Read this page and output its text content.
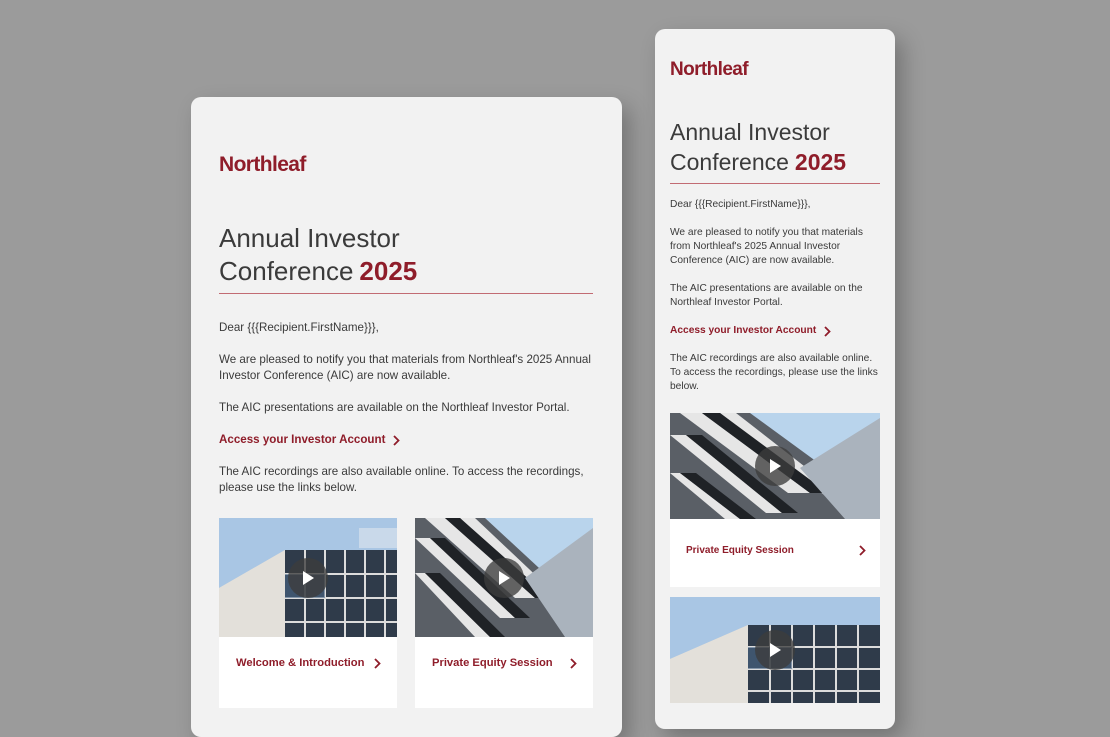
Northleaf
Annual Investor
Conference 2025

Dear {{{Recipient.FirstName}}},

We are pleased to notify you that materials from Northleaf's 2025 Annual Investor Conference (AIC) are now available.

The AIC presentations are available on the Northleaf Investor Portal.

Access your Investor Account

The AIC recordings are also available online. To access the recordings, please use the links below.

Welcome & Introduction	Private Equity Session
Northleaf
Annual Investor
Conference 2025

Dear {{{Recipient.FirstName}}},

We are pleased to notify you that materials from Northleaf's 2025 Annual Investor Conference (AIC) are now available.

The AIC presentations are available on the Northleaf Investor Portal.

Access your Investor Account

The AIC recordings are also available online. To access the recordings, please use the links below.

Private Equity Session
